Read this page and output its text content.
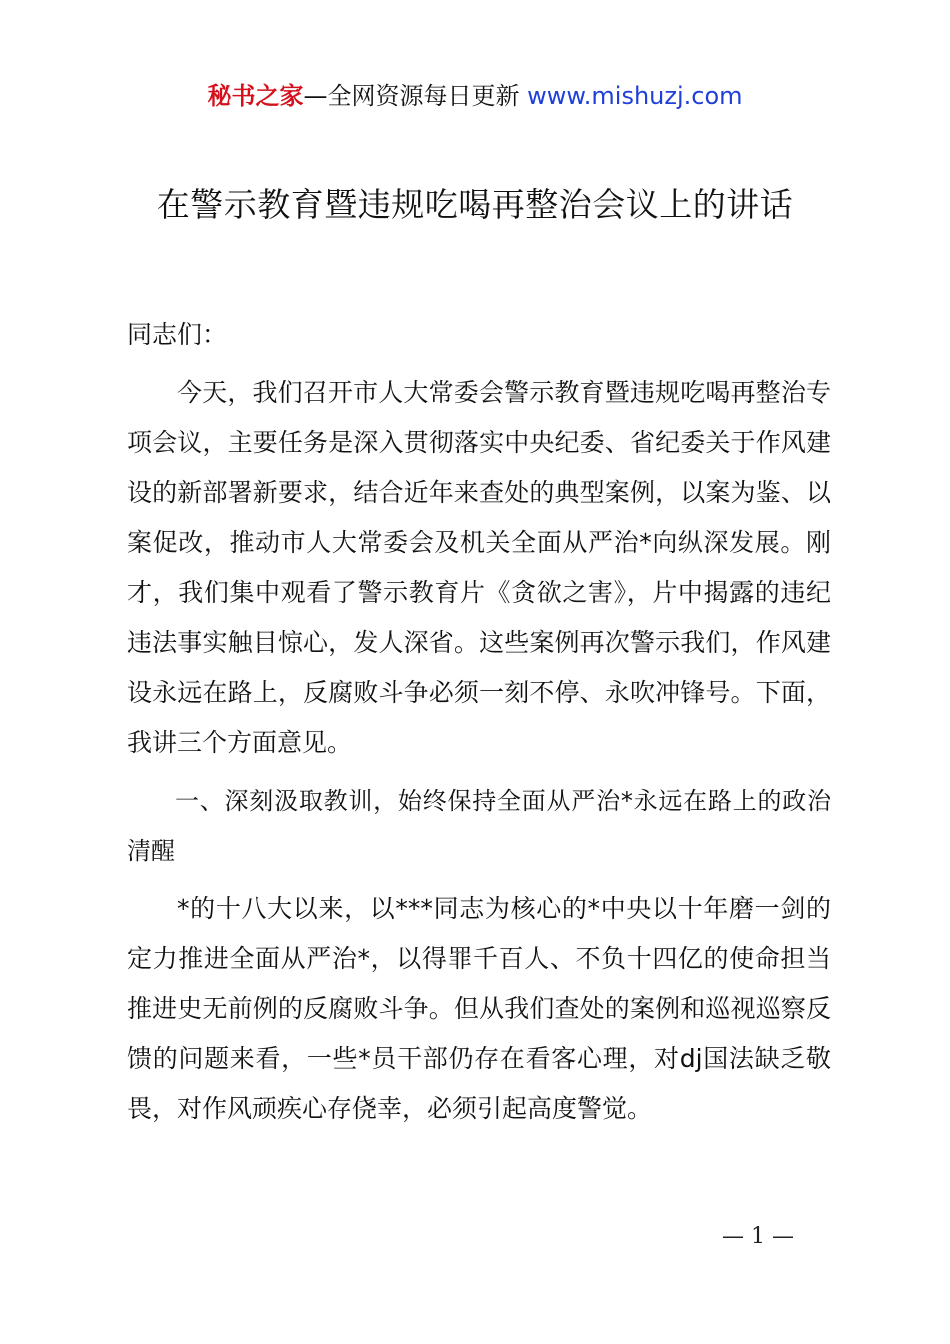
秘书之家—全网资源每日更新 www.mishuzj.com
在警示教育暨违规吃喝再整治会议上的讲话

同志们：

今天，我们召开市人大常委会警示教育暨违规吃喝再整治专项会议，主要任务是深入贯彻落实中央纪委、省纪委关于作风建设的新部署新要求，结合近年来查处的典型案例，以案为鉴、以案促改，推动市人大常委会及机关全面从严治*向纵深发展。刚才，我们集中观看了警示教育片《贪欲之害》，片中揭露的违纪违法事实触目惊心，发人深省。这些案例再次警示我们，作风建设永远在路上，反腐败斗争必须一刻不停、永吹冲锋号。下面，我讲三个方面意见。

一、深刻汲取教训，始终保持全面从严治*永远在路上的政治清醒

*的十八大以来，以***同志为核心的*中央以十年磨一剑的定力推进全面从严治*，以得罪千百人、不负十四亿的使命担当推进史无前例的反腐败斗争。但从我们查处的案例和巡视巡察反馈的问题来看，一些*员干部仍存在看客心理，对dj国法缺乏敬畏，对作风顽疾心存侥幸，必须引起高度警觉。

— 1 —
